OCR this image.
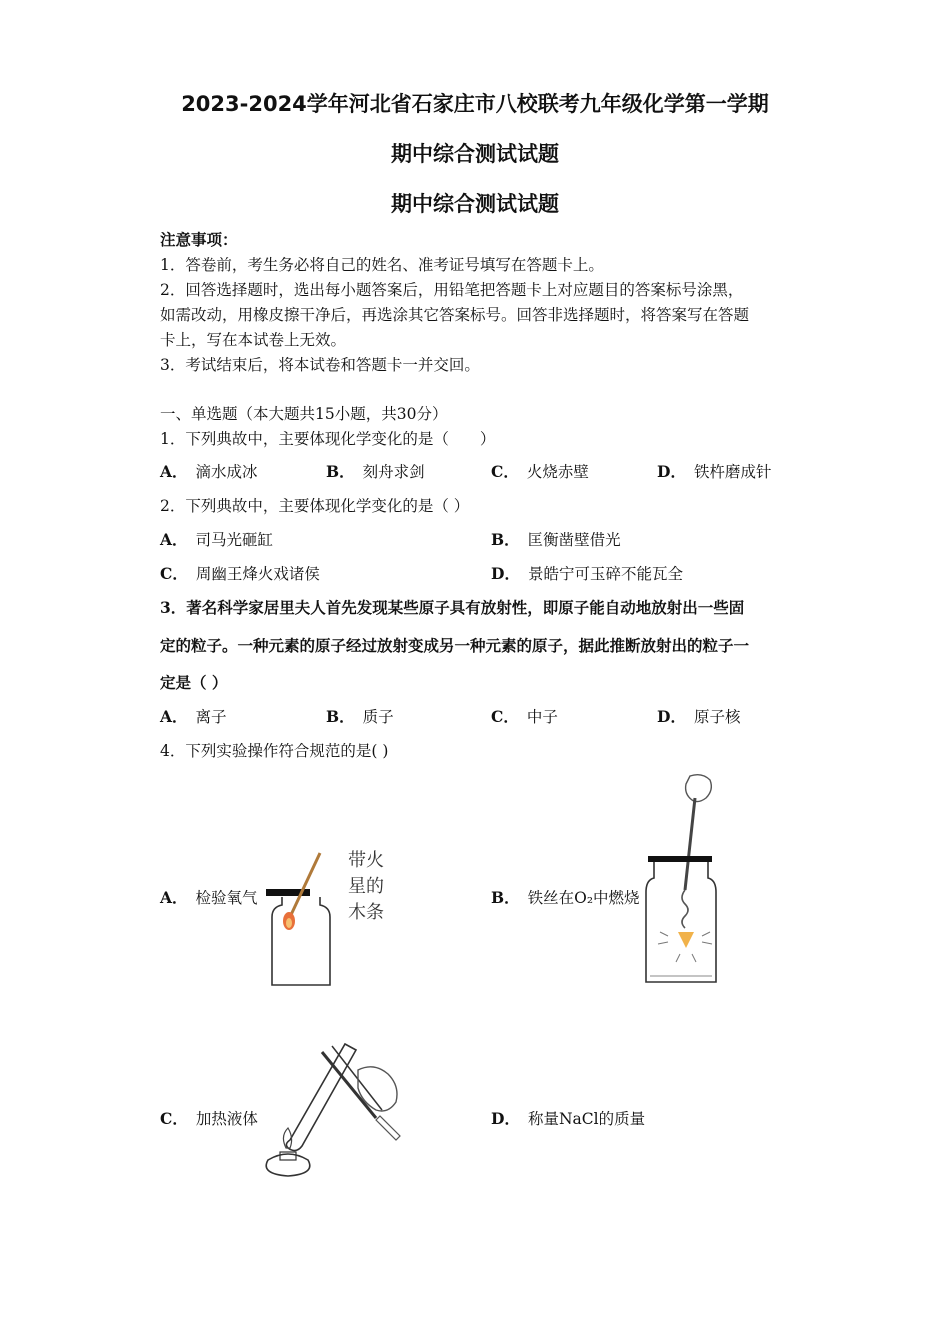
2023-2024学年河北省石家庄市八校联考九年级化学第一学期
期中综合测试试题
期中综合测试试题
注意事项：
1．答卷前，考生务必将自己的姓名、准考证号填写在答题卡上。
2．回答选择题时，选出每小题答案后，用铅笔把答题卡上对应题目的答案标号涂黑，
如需改动，用橡皮擦干净后，再选涂其它答案标号。回答非选择题时，将答案写在答题
卡上，写在本试卷上无效。
3．考试结束后，将本试卷和答题卡一并交回。
一、单选题（本大题共15小题，共30分）
1．下列典故中，主要体现化学变化的是（　　）
A． 滴水成冰	B． 刻舟求剑	C． 火烧赤壁	D． 铁杵磨成针
2．下列典故中，主要体现化学变化的是（ ）
A． 司马光砸缸	B． 匡衡凿壁借光
C． 周幽王烽火戏诸侯	D． 景皓宁可玉碎不能瓦全
3．著名科学家居里夫人首先发现某些原子具有放射性，即原子能自动地放射出一些固
定的粒子。一种元素的原子经过放射变成另一种元素的原子，据此推断放射出的粒子一
定是（ ）
A． 离子	B． 质子	C． 中子	D． 原子核
4．下列实验操作符合规范的是( )
A． 检验氧气	B． 铁丝在O₂中燃烧
C． 加热液体	D． 称量NaCl的质量
带火
星的
木条
